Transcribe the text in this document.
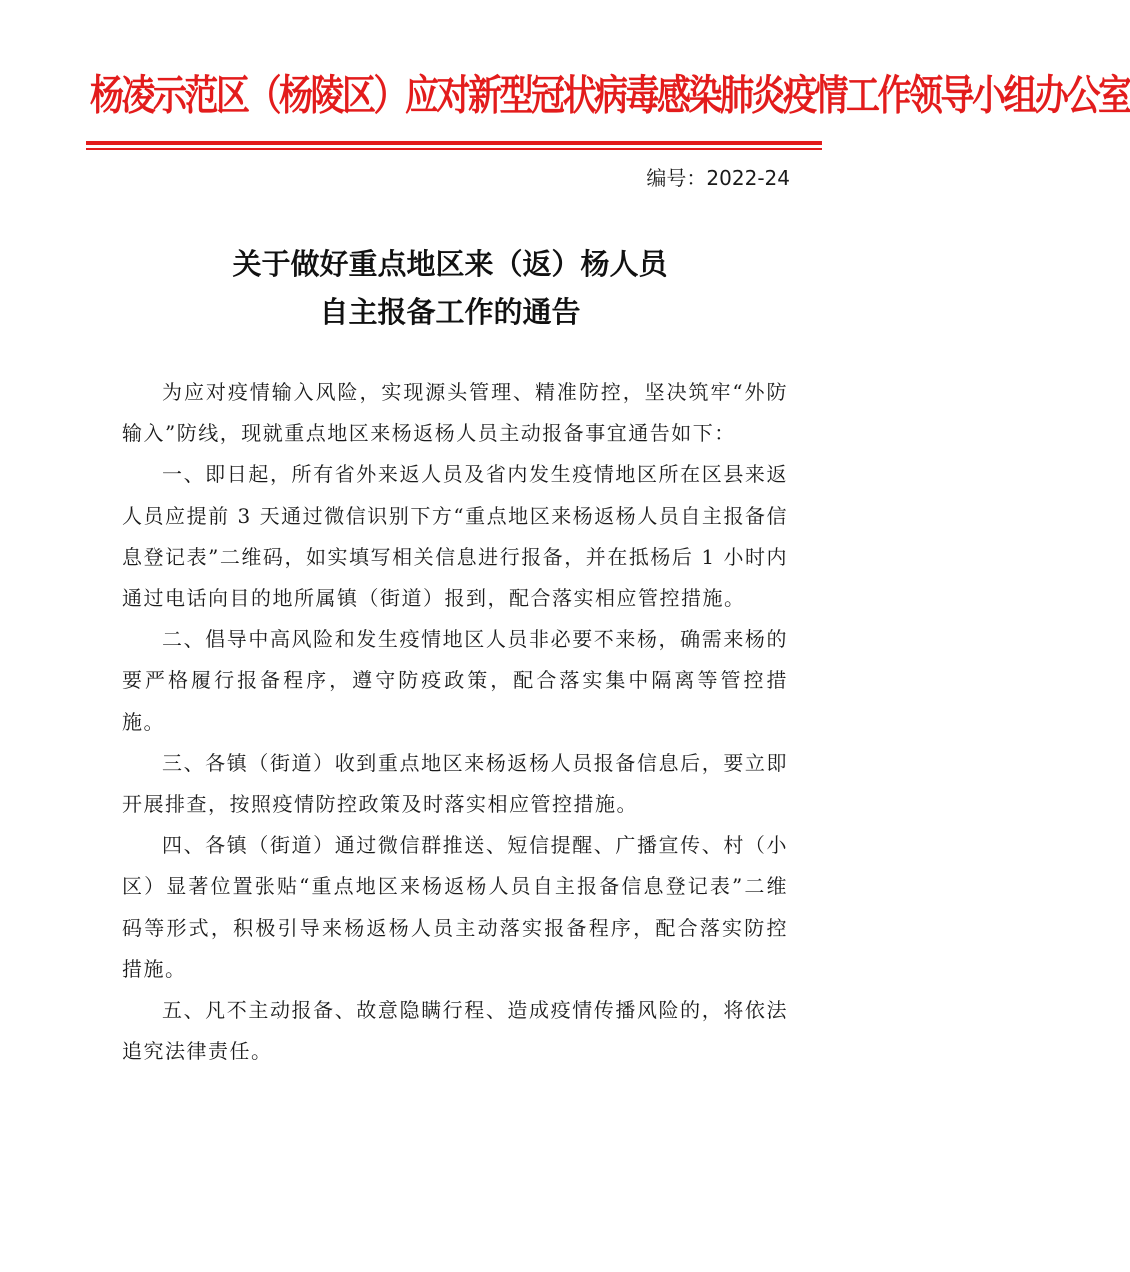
杨凌示范区（杨陵区）应对新型冠状病毒感染肺炎疫情工作领导小组办公室
编号：2022-24
关于做好重点地区来（返）杨人员
自主报备工作的通告

为应对疫情输入风险，实现源头管理、精准防控，坚决筑牢“外防输入”防线，现就重点地区来杨返杨人员主动报备事宜通告如下：

一、即日起，所有省外来返人员及省内发生疫情地区所在区县来返人员应提前 3 天通过微信识别下方“重点地区来杨返杨人员自主报备信息登记表”二维码，如实填写相关信息进行报备，并在抵杨后 1 小时内通过电话向目的地所属镇（街道）报到，配合落实相应管控措施。

二、倡导中高风险和发生疫情地区人员非必要不来杨，确需来杨的要严格履行报备程序，遵守防疫政策，配合落实集中隔离等管控措施。

三、各镇（街道）收到重点地区来杨返杨人员报备信息后，要立即开展排查，按照疫情防控政策及时落实相应管控措施。

四、各镇（街道）通过微信群推送、短信提醒、广播宣传、村（小区）显著位置张贴“重点地区来杨返杨人员自主报备信息登记表”二维码等形式，积极引导来杨返杨人员主动落实报备程序，配合落实防控措施。

五、凡不主动报备、故意隐瞒行程、造成疫情传播风险的，将依法追究法律责任。
